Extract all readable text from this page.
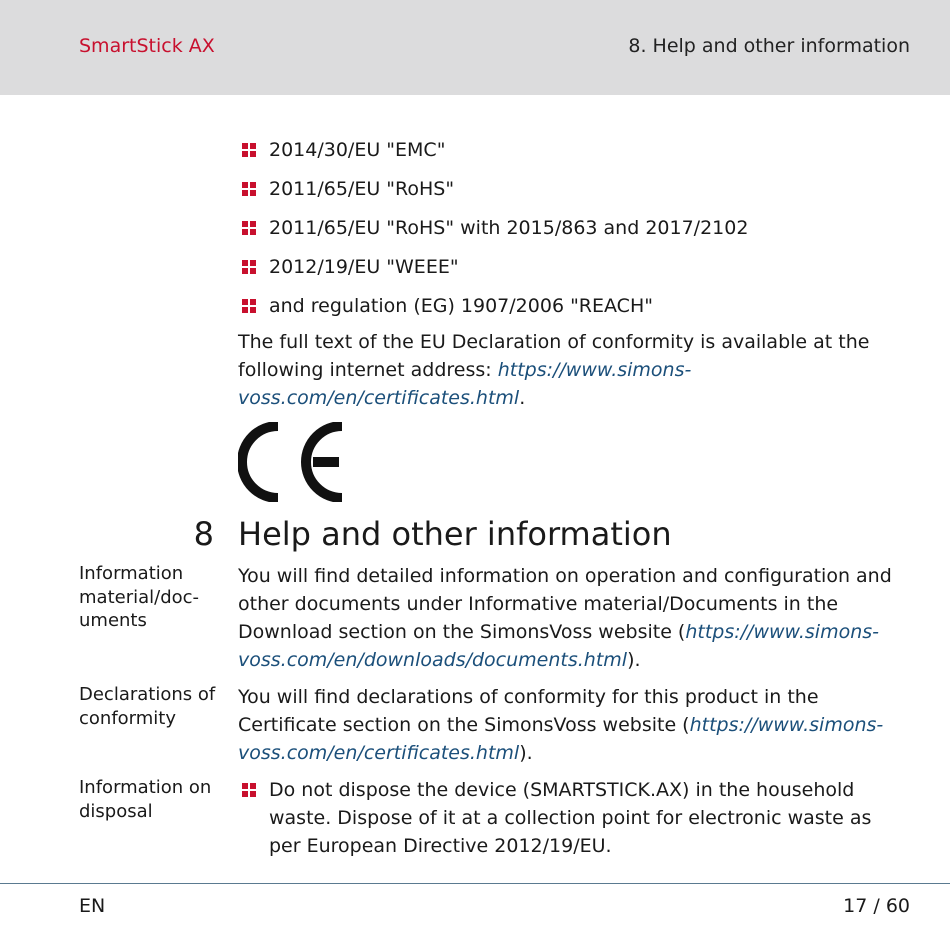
SmartStick AX	8. Help and other information
2014/30/EU "EMC"
2011/65/EU "RoHS"
2011/65/EU "RoHS" with 2015/863 and 2017/2102
2012/19/EU "WEEE"
and regulation (EG) 1907/2006 "REACH"

The full text of the EU Declaration of conformity is available at the following internet address: https://www.simons-voss.com/en/certificates.html.

8 Help and other information
Information material/doc- uments

You will find detailed information on operation and configuration and other documents under Informative material/Documents in the Download section on the SimonsVoss website (https://www.simons-voss.com/en/downloads/documents.html).

Declarations of conformity

You will find declarations of conformity for this product in the Certificate section on the SimonsVoss website (https://www.simons-voss.com/en/certificates.html).

Information on disposal
Do not dispose the device (SMARTSTICK.AX) in the household waste. Dispose of it at a collection point for electronic waste as per European Directive 2012/19/EU.
EN	17 / 60
